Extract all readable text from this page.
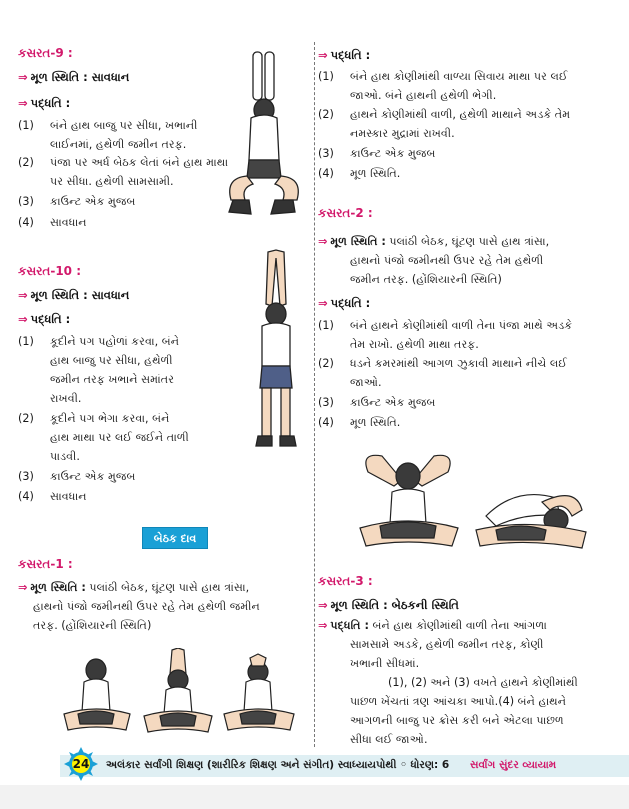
કસરત-9 :
⇒ મૂળ સ્થિતિ : સાવધાન
⇒ પદ્ધતિ :
(1)	બંને હાથ બાજુ પર સીધા, ખભાની
લાઈનમાં, હથેળી જમીન તરફ.
(2)	પંજા પર અર્ધ બેઠક લેતાં બંને હાથ માથા
પર સીધા. હથેળી સામસામી.
(3)	કાઉન્ટ એક મુજબ
(4)	સાવધાન
કસરત-10 :
⇒ મૂળ સ્થિતિ : સાવધાન
⇒ પદ્ધતિ :
(1)	કૂદીને પગ પહોળાં કરવા, બંને
હાથ બાજુ પર સીધા, હથેળી
જમીન તરફ ખભાને સમાંતર
રાખવી.
(2)	કૂદીને પગ ભેગા કરવા, બંને
હાથ માથા પર લઈ જઈને તાળી
પાડવી.
(3)	કાઉન્ટ એક મુજબ
(4)	સાવધાન
બેઠક દાવ
કસરત-1 :
⇒ મૂળ સ્થિતિ : પલાંઠી બેઠક, ઘૂંટણ પાસે હાથ ત્રાંસા,
હાથનો પંજો જમીનથી ઉપર રહે તેમ હથેળી જમીન
તરફ. (હોંશિયારની સ્થિતિ)
⇒ પદ્ધતિ :
(1)	બંને હાથ કોણીમાંથી વાળ્યા સિવાય માથા પર લઈ
જાઓ. બંને હાથની હથેળી ભેગી.
(2)	હાથને કોણીમાંથી વાળી, હથેળી માથાને અડકે તેમ
નમસ્કાર મુદ્રામાં રાખવી.
(3)	કાઉન્ટ એક મુજબ
(4)	મૂળ સ્થિતિ.
કસરત-2 :
⇒ મૂળ સ્થિતિ : પલાંઠી બેઠક, ઘૂંટણ પાસે હાથ ત્રાંસા,
હાથનો પંજો જમીનથી ઉપર રહે તેમ હથેળી
જમીન તરફ. (હોંશિયારની સ્થિતિ)
⇒ પદ્ધતિ :
(1)	બંને હાથને કોણીમાંથી વાળી તેના પંજા માથે અડકે
તેમ રાખો. હથેળી માથા તરફ.
(2)	ધડને કમરમાંથી આગળ ઝુકાવી માથાને નીચે લઈ
જાઓ.
(3)	કાઉન્ટ એક મુજબ
(4)	મૂળ સ્થિતિ.
કસરત-3 :
⇒ મૂળ સ્થિતિ : બેઠકની સ્થિતિ
⇒ પદ્ધતિ : બંને હાથ કોણીમાંથી વાળી તેના આંગળા
સામસામે અડકે, હથેળી જમીન તરફ, કોણી
ખભાની સીધમાં.
(1), (2) અને (3) વખતે હાથને કોણીમાંથી
પાછળ ખેંચતાં ત્રણ આંચકા આપો.(4) બંને હાથને
આગળની બાજુ પર ક્રોસ કરી બને એટલા પાછળ
સીધા લઈ જાઓ.
24	અલંકાર સર્વાંગી શિક્ષણ (શારીરિક શિક્ષણ અને સંગીત) સ્વાધ્યાયપોથી ◦ ધોરણ: 6 સર્વાંગ સુંદર વ્યાયામ
